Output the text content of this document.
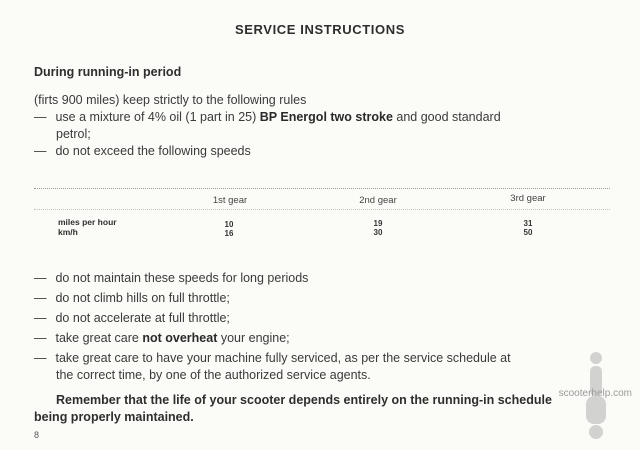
SERVICE INSTRUCTIONS
During running-in period
(firts 900 miles) keep strictly to the following rules
— use a mixture of 4% oil (1 part in 25) BP Energol two stroke and good standard
petrol;
— do not exceed the following speeds
1st gear	2nd gear	3rd gear
miles per hour
km/h
10
16
19
30
31
50
— do not maintain these speeds for long periods
— do not climb hills on full throttle;
— do not accelerate at full throttle;
— take great care not overheat your engine;
— take great care to have your machine fully serviced, as per the service schedule at
the correct time, by one of the authorized service agents.
Remember that the life of your scooter depends entirely on the running-in schedule
being properly maintained.
8
scooterhelp.com
